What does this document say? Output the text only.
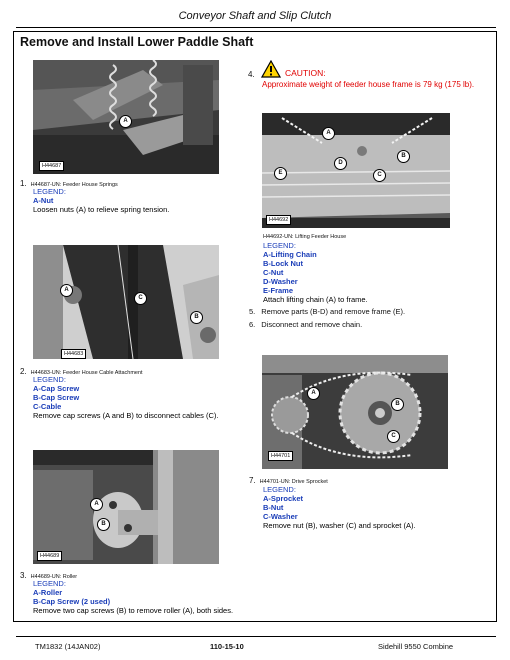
Conveyor Shaft and Slip Clutch
Remove and Install Lower Paddle Shaft
H44687
A
1. H44687-UN: Feeder House Springs
LEGEND:
A-Nut
Loosen nuts (A) to relieve spring tension.
H44683
A
C
B
2. H44683-UN: Feeder House Cable Attachment
LEGEND:
A-Cap Screw
B-Cap Screw
C-Cable
Remove cap screws (A and B) to disconnect cables (C).
H44689
A
B
3. H44689-UN: Roller
LEGEND:
A-Roller
B-Cap Screw (2 used)
Remove two cap screws (B) to remove roller (A), both sides.
4.	CAUTION:
Approximate weight of feeder house frame is 79 kg (175 lb).
H44692
A
B
D
C
E
H44692-UN: Lifting Feeder House
LEGEND:
A-Lifting Chain
B-Lock Nut
C-Nut
D-Washer
E-Frame
Attach lifting chain (A) to frame.
5. Remove parts (B-D) and remove frame (E).
6. Disconnect and remove chain.
H44701
A
B
C
7. H44701-UN: Drive Sprocket
LEGEND:
A-Sprocket
B-Nut
C-Washer
Remove nut (B), washer (C) and sprocket (A).
TM1832 (14JAN02)	110-15-10	Sidehill 9550 Combine
